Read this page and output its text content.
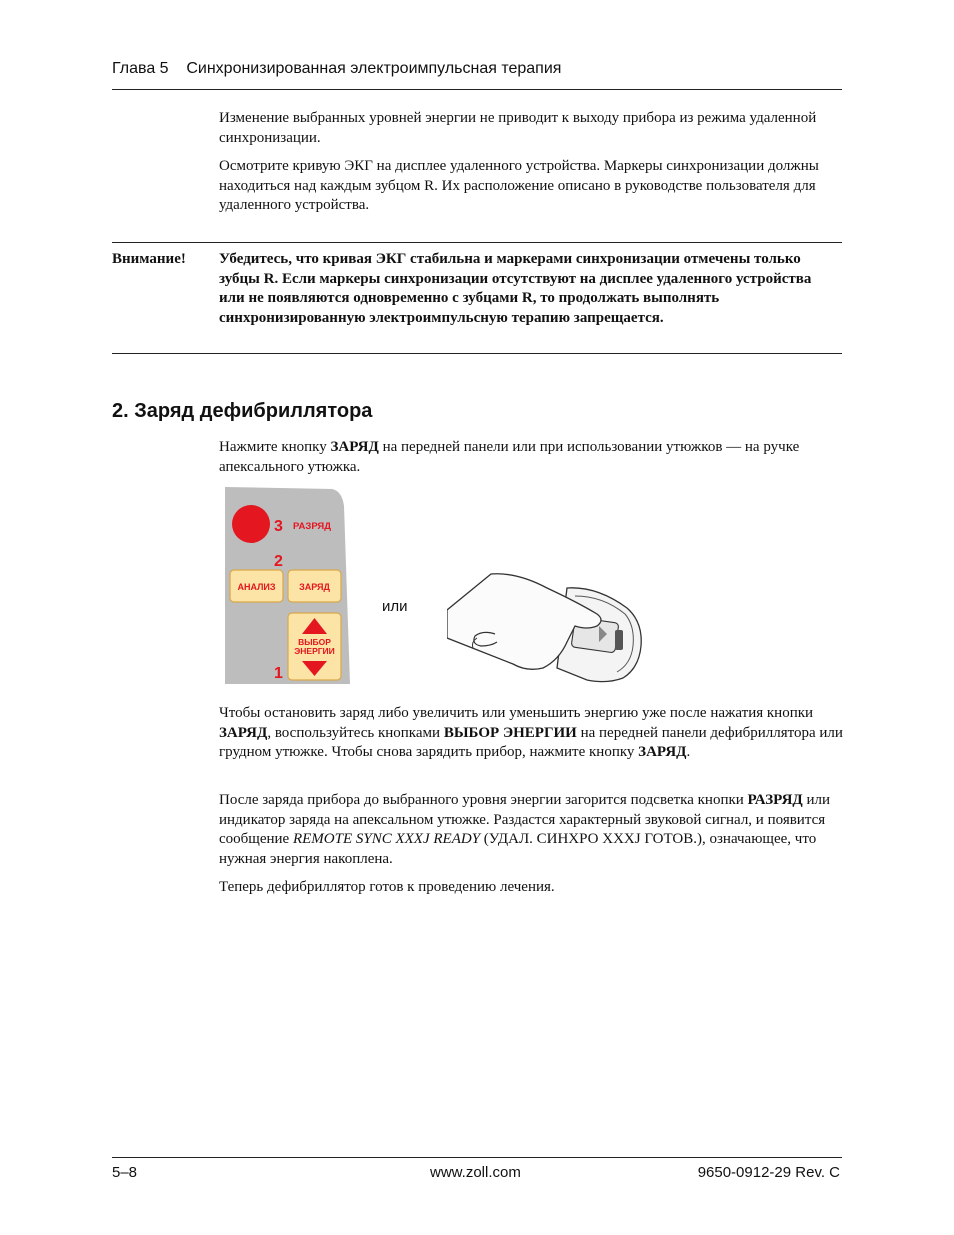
Глава 5    Синхронизированная электроимпульсная терапия
Изменение выбранных уровней энергии не приводит к выходу прибора из режима удаленной синхронизации.
Осмотрите кривую ЭКГ на дисплее удаленного устройства. Маркеры синхронизации должны находиться над каждым зубцом R. Их расположение описано в руководстве пользователя для удаленного устройства.
Внимание! Убедитесь, что кривая ЭКГ стабильна и маркерами синхронизации отмечены только зубцы R. Если маркеры синхронизации отсутствуют на дисплее удаленного устройства или не появляются одновременно с зубцами R, то продолжать выполнять синхронизированную электроимпульсную терапию запрещается.
2. Заряд дефибриллятора
Нажмите кнопку ЗАРЯД на передней панели или при использовании утюжков — на ручке апексального утюжка.
3 РАЗРЯД
2
АНАЛИЗ	ЗАРЯД
ВЫБОР
ЭНЕРГИИ
1
или
Чтобы остановить заряд либо увеличить или уменьшить энергию уже после нажатия кнопки ЗАРЯД, воспользуйтесь кнопками ВЫБОР ЭНЕРГИИ на передней панели дефибриллятора или грудном утюжке. Чтобы снова зарядить прибор, нажмите кнопку ЗАРЯД.
После заряда прибора до выбранного уровня энергии загорится подсветка кнопки РАЗРЯД или индикатор заряда на апексальном утюжке. Раздастся характерный звуковой сигнал, и появится сообщение REMOTE SYNC XXXJ READY (УДАЛ. СИНХРО XXXJ ГОТОВ.), означающее, что нужная энергия накоплена.
Теперь дефибриллятор готов к проведению лечения.
5–8	www.zoll.com	9650-0912-29 Rev. C
